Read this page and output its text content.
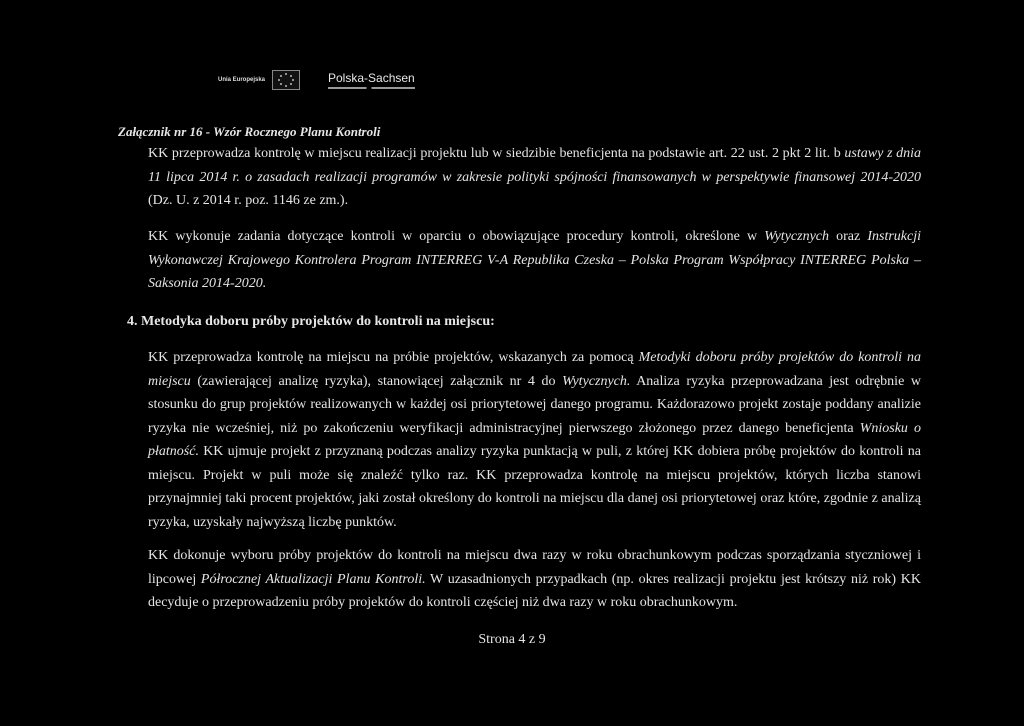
Unia Europejska	Polska-Sachsen
Załącznik nr 16 - Wzór Rocznego Planu Kontroli

KK przeprowadza kontrolę w miejscu realizacji projektu lub w siedzibie beneficjenta na podstawie art. 22 ust. 2 pkt 2 lit. b ustawy z dnia 11 lipca 2014 r. o zasadach realizacji programów w zakresie polityki spójności finansowanych w perspektywie finansowej 2014-2020 (Dz. U. z 2014 r. poz. 1146 ze zm.).

KK wykonuje zadania dotyczące kontroli w oparciu o obowiązujące procedury kontroli, określone w Wytycznych oraz Instrukcji Wykonawczej Krajowego Kontrolera Program INTERREG V-A Republika Czeska – Polska Program Współpracy INTERREG Polska – Saksonia 2014-2020.

4. Metodyka doboru próby projektów do kontroli na miejscu:

KK przeprowadza kontrolę na miejscu na próbie projektów, wskazanych za pomocą Metodyki doboru próby projektów do kontroli na miejscu (zawierającej analizę ryzyka), stanowiącej załącznik nr 4 do Wytycznych. Analiza ryzyka przeprowadzana jest odrębnie w stosunku do grup projektów realizowanych w każdej osi priorytetowej danego programu. Każdorazowo projekt zostaje poddany analizie ryzyka nie wcześniej, niż po zakończeniu weryfikacji administracyjnej pierwszego złożonego przez danego beneficjenta Wniosku o płatność. KK ujmuje projekt z przyznaną podczas analizy ryzyka punktacją w puli, z której KK dobiera próbę projektów do kontroli na miejscu. Projekt w puli może się znaleźć tylko raz. KK przeprowadza kontrolę na miejscu projektów, których liczba stanowi przynajmniej taki procent projektów, jaki został określony do kontroli na miejscu dla danej osi priorytetowej oraz które, zgodnie z analizą ryzyka, uzyskały najwyższą liczbę punktów.

KK dokonuje wyboru próby projektów do kontroli na miejscu dwa razy w roku obrachunkowym podczas sporządzania styczniowej i lipcowej Półrocznej Aktualizacji Planu Kontroli. W uzasadnionych przypadkach (np. okres realizacji projektu jest krótszy niż rok) KK decyduje o przeprowadzeniu próby projektów do kontroli częściej niż dwa razy w roku obrachunkowym.

Strona 4 z 9
